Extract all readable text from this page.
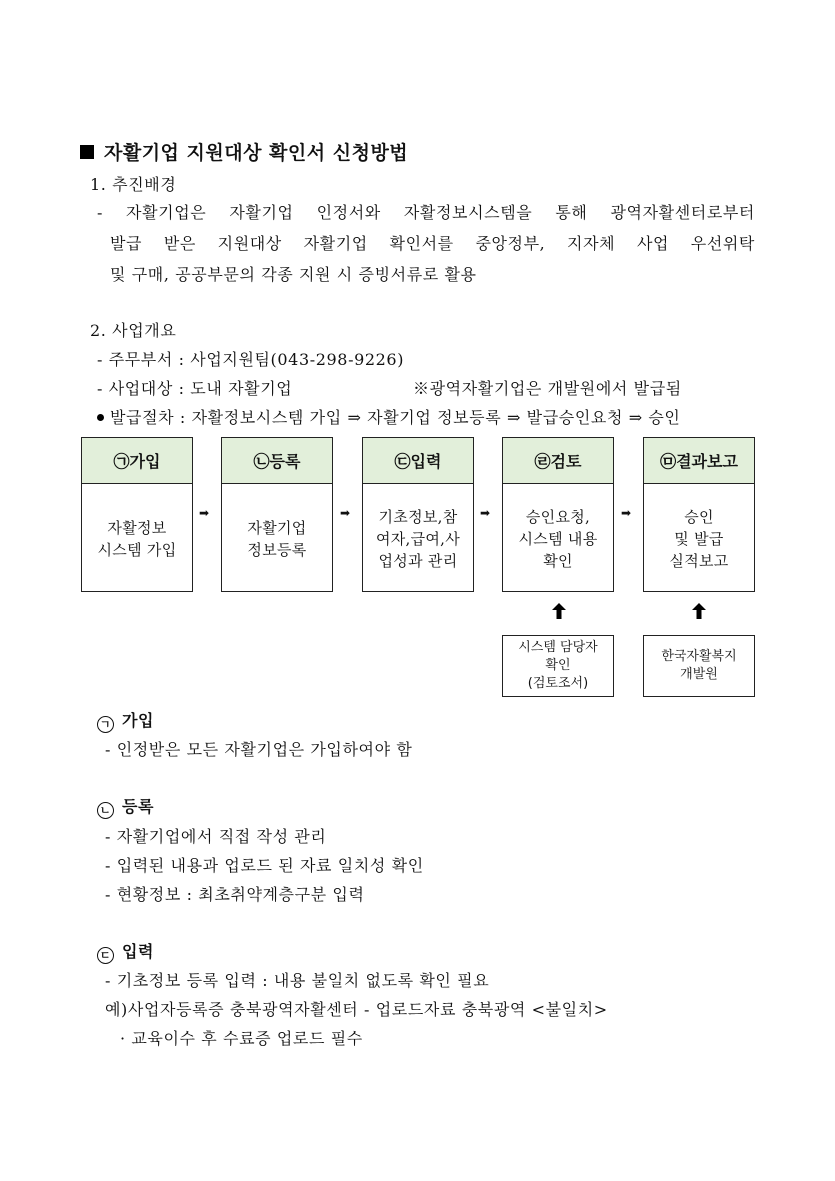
자활기업 지원대상 확인서 신청방법
1. 추진배경
- 자활기업은 자활기업 인정서와 자활정보시스템을 통해 광역자활센터로부터
발급 받은 지원대상 자활기업 확인서를 중앙정부, 지자체 사업 우선위탁
및 구매, 공공부문의 각종 지원 시 증빙서류로 활용
2. 사업개요
- 주무부서 : 사업지원팀(043-298-9226)
- 사업대상 : 도내 자활기업	※광역자활기업은 개발원에서 발급됨
발급절차 : 자활정보시스템 가입 ⇒ 자활기업 정보등록 ⇒ 발급승인요청 ⇒ 승인
㉠가입
자활정보
시스템 가입
㉡등록
자활기업
정보등록
㉢입력
기초정보,참
여자,급여,사
업성과 관리
㉣검토
승인요청,
시스템 내용
확인
㉤결과보고
승인
및 발급
실적보고
➡	➡	➡	➡
시스템 담당자
확인
(검토조서)
한국자활복지
개발원
ㄱ 가입
- 인정받은 모든 자활기업은 가입하여야 함
ㄴ 등록
- 자활기업에서 직접 작성 관리
- 입력된 내용과 업로드 된 자료 일치성 확인
- 현황정보 : 최초취약계층구분 입력
ㄷ 입력
- 기초정보 등록 입력 : 내용 불일치 없도록 확인 필요
예)사업자등록증 충북광역자활센터 - 업로드자료 충북광역 <불일치>
· 교육이수 후 수료증 업로드 필수
